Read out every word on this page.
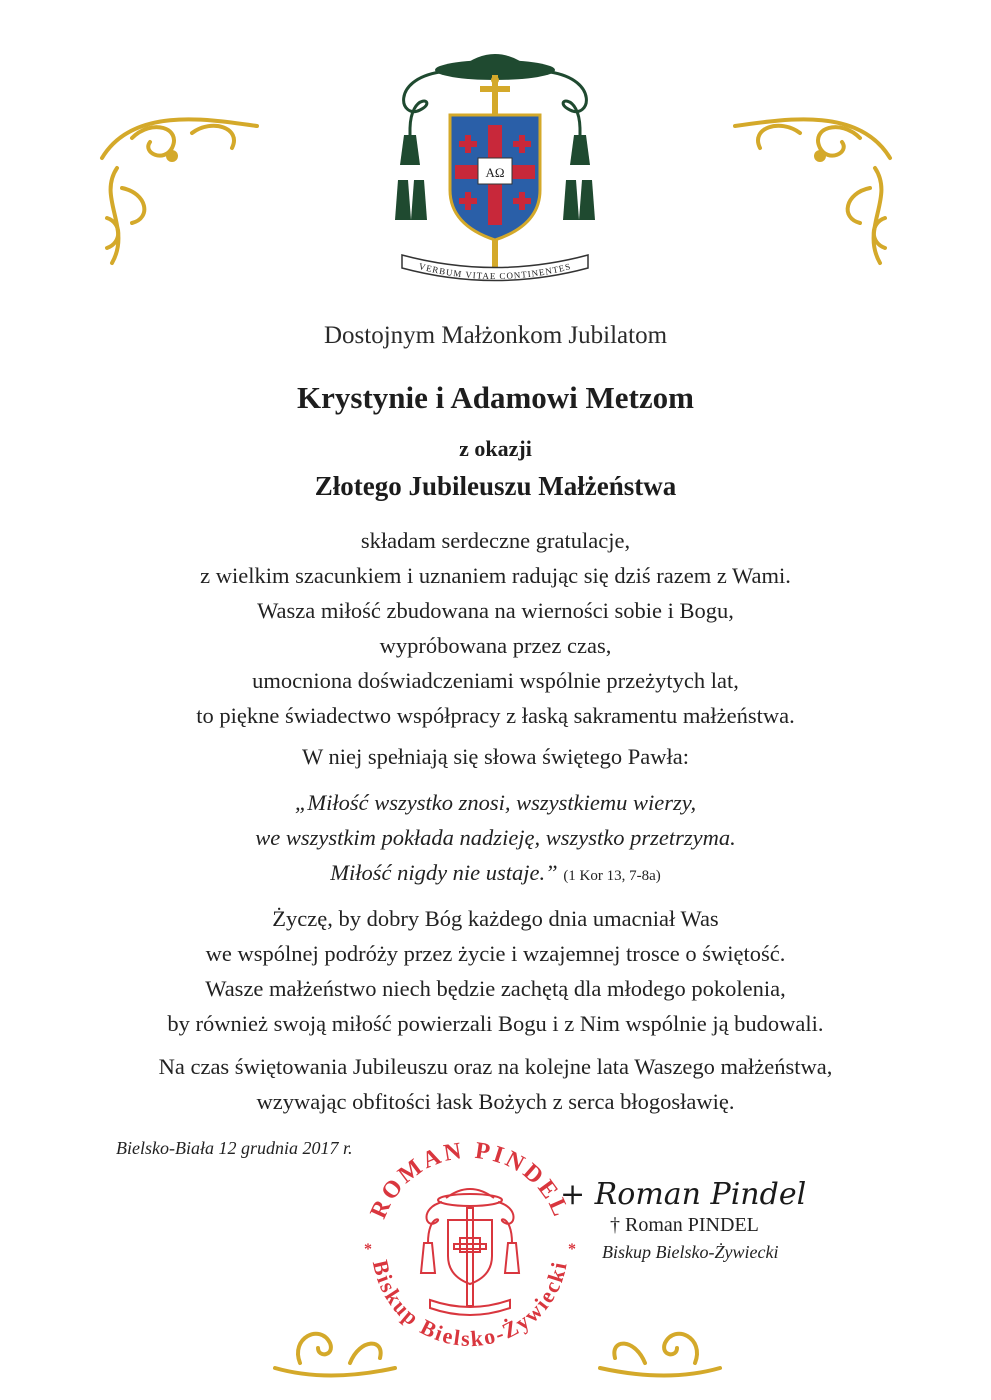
AΩ
VERBUM VITAE CONTINENTES
Dostojnym Małżonkom Jubilatom
Krystynie i Adamowi Metzom
z okazji
Złotego Jubileuszu Małżeństwa
składam serdeczne gratulacje,
z wielkim szacunkiem i uznaniem radując się dziś razem z Wami.
Wasza miłość zbudowana na wierności sobie i Bogu,
wypróbowana przez czas,
umocniona doświadczeniami wspólnie przeżytych lat,
to piękne świadectwo współpracy z łaską sakramentu małżeństwa.
W niej spełniają się słowa świętego Pawła:
„Miłość wszystko znosi, wszystkiemu wierzy,
we wszystkim pokłada nadzieję, wszystko przetrzyma.
Miłość nigdy nie ustaje.” (1 Kor 13, 7-8a)
Życzę, by dobry Bóg każdego dnia umacniał Was
we wspólnej podróży przez życie i wzajemnej trosce o świętość.
Wasze małżeństwo niech będzie zachętą dla młodego pokolenia,
by również swoją miłość powierzali Bogu i z Nim wspólnie ją budowali.
Na czas świętowania Jubileuszu oraz na kolejne lata Waszego małżeństwa,
wzywając obfitości łask Bożych z serca błogosławię.
Bielsko-Biała 12 grudnia 2017 r.
ROMAN PINDEL
Biskup Bielsko-Żywiecki
*	*
+ Roman Pindel
† Roman PINDEL
Biskup Bielsko-Żywiecki
